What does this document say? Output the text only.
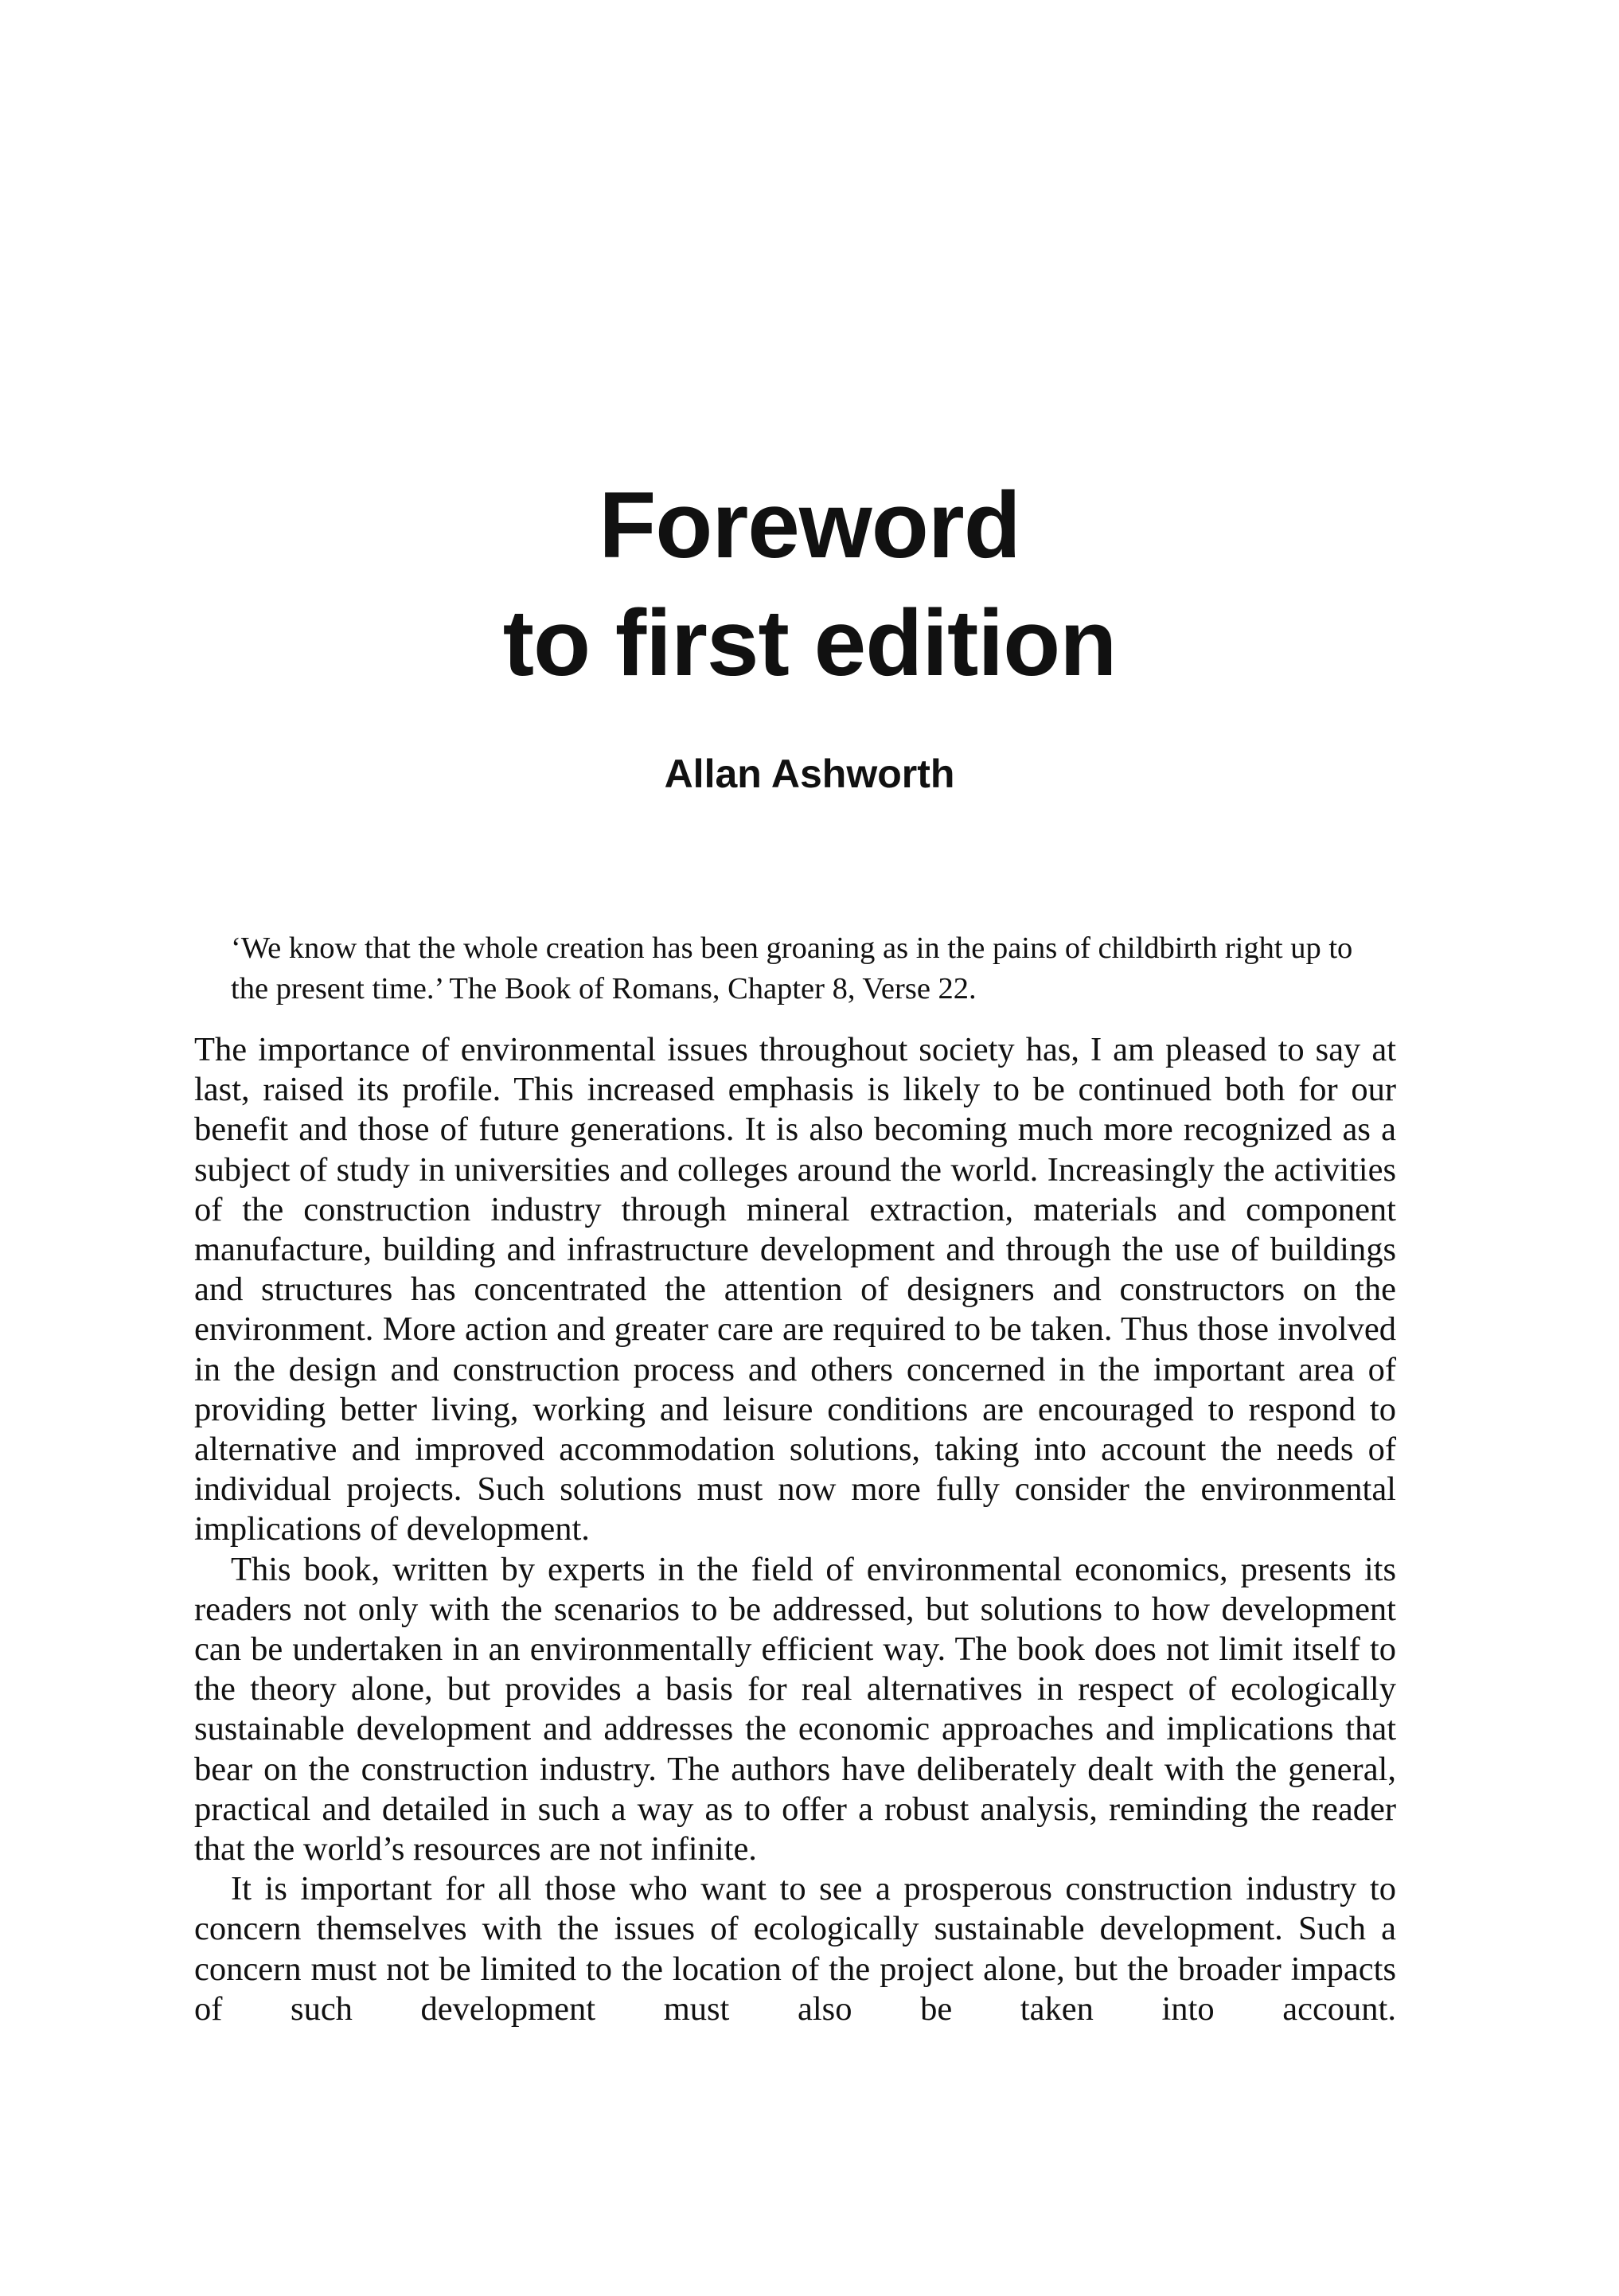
Foreword
to first edition
Allan Ashworth

‘We know that the whole creation has been groaning as in the pains of childbirth right up to the present time.’ The Book of Romans, Chapter 8, Verse 22.

The importance of environmental issues throughout society has, I am pleased to say at last, raised its profile. This increased emphasis is likely to be continued both for our benefit and those of future generations. It is also becoming much more recognized as a subject of study in universities and colleges around the world. Increasingly the activities of the construction industry through mineral extraction, materials and component manufacture, building and infrastructure development and through the use of buildings and structures has concentrated the attention of designers and constructors on the environment. More action and greater care are required to be taken. Thus those involved in the design and construction process and others concerned in the important area of providing better living, working and leisure conditions are encouraged to respond to alternative and improved accommodation solutions, taking into account the needs of individual projects. Such solutions must now more fully consider the environmental implications of development.

This book, written by experts in the field of environmental economics, presents its readers not only with the scenarios to be addressed, but solutions to how development can be undertaken in an environmentally efficient way. The book does not limit itself to the theory alone, but provides a basis for real alternatives in respect of ecologically sustainable development and addresses the economic approaches and implications that bear on the construction industry. The authors have deliberately dealt with the general, practical and detailed in such a way as to offer a robust analysis, reminding the reader that the world’s resources are not infinite.

It is important for all those who want to see a prosperous construction industry to concern themselves with the issues of ecologically sustainable development. Such a concern must not be limited to the location of the project alone, but the broader impacts of such development must also be taken into account.
